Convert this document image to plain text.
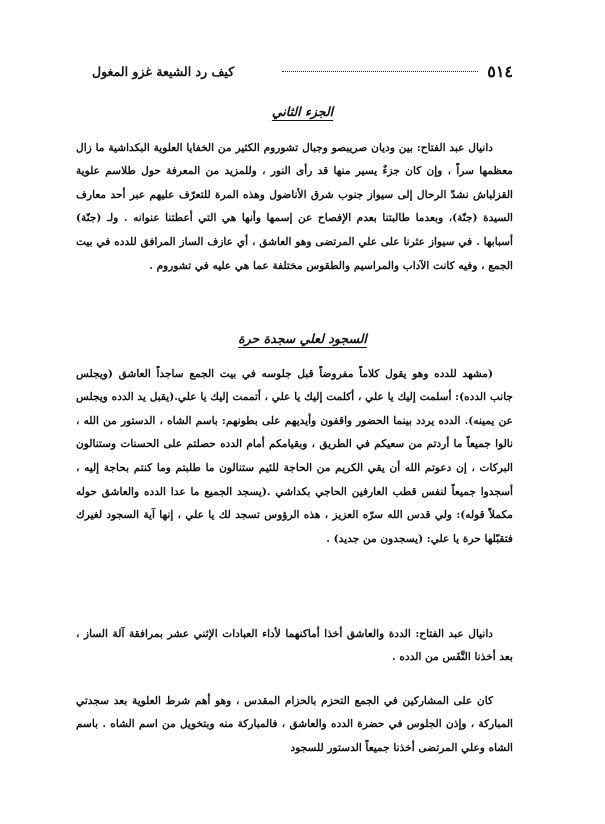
٥١٤
كيف رد الشيعة غزو المغول
الجزء الثاني

دانيال عبد الفتاح: بين وديان صريبصو وجبال تشوروم الكثير من الخفايا العلوية البكداشية ما زال معظمها سراً ، وإن كان جزءٌ يسير منها قد رأى النور ، وللمزيد من المعرفة حول طلاسم علوية القزلباش نشدّ الرحال إلى سيواز جنوب شرق الأناضول وهذه المرة للتعرّف عليهم عبر أحد معارف السيدة (جنّة)، وبعدما طالبتنا بعدم الإفصاح عن إسمها وأنها هي التي أعطتنا عنوانه . ولـ (جنّة) أسبابها . في سيواز عثرنا على علي المرتضى وهو العاشق ، أي عازف الساز المرافق للدده في بيت الجمع ، وفيه كانت الآداب والمراسيم والطقوس مختلفة عما هي عليه في تشوروم .

السجود لعلي سجدة حرة

(مشهد للدده وهو يقول كلاماً مفروضاً قبل جلوسه في بيت الجمع ساجداً العاشق (ويجلس جانب الدده): أسلمت إليك يا علي ، أكلمت إليك يا علي ، أتممت إليك يا علي.(يقبل يد الدده ويجلس عن يمينه). الدده يردد بينما الحضور واقفون وأيديهم على بطونهم: باسم الشاه ، الدستور من الله ، نالوا جميعاً ما أردتم من سعيكم في الطريق ، وبقيامكم أمام الدده حصلتم على الحسنات وستنالون البركات ، إن دعوتم الله أن يقي الكريم من الحاجة للئيم ستنالون ما طلبتم وما كنتم بحاجة إليه ، أسجدوا جميعاً لنفس قطب العارفين الحاجي بكداشي .(يسجد الجميع ما عدا الدده والعاشق حوله مكملاً قوله): ولي قدس الله سرّه العزيز ، هذه الرؤوس تسجد لك يا علي ، إنها آية السجود لغيرك فتقبّلها حرة يا علي: (يسجدون من جديد) .

دانيال عبد الفتاح: الددة والعاشق أخذا أماكنهما لأداء العبادات الإثني عشر بمرافقة آلة الساز ، بعد أخذنا النَّفَس من الدده .

كان على المشاركين في الجمع التحزم بالحزام المقدس ، وهو أهم شرط العلوية بعد سجدتي المباركة ، وإذن الجلوس في حضرة الدده والعاشق ، فالمباركة منه وبتخويل من اسم الشاه . باسم الشاه وعلي المرتضى أخذنا جميعاً الدستور للسجود
